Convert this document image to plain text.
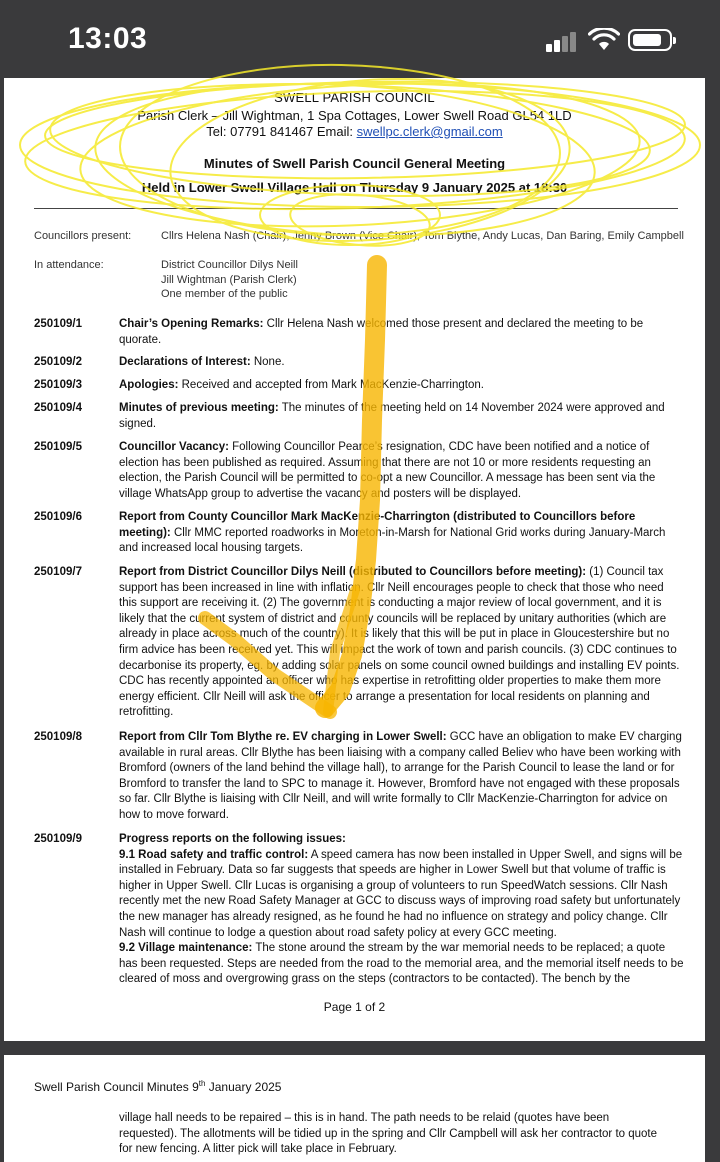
13:03
SWELL PARISH COUNCIL
Parish Clerk – Jill Wightman, 1 Spa Cottages, Lower Swell Road GL54 1LD
Tel: 07791 841467 Email: swellpc.clerk@gmail.com
Minutes of Swell Parish Council General Meeting
Held in Lower Swell Village Hall on Thursday 9 January 2025 at 18:30
Councillors present:	Cllrs Helena Nash (Chair), Jenny Brown (Vice Chair), Tom Blythe, Andy Lucas, Dan Baring, Emily Campbell
In attendance:	District Councillor Dilys Neill
Jill Wightman (Parish Clerk)
One member of the public
250109/1	Chair’s Opening Remarks: Cllr Helena Nash welcomed those present and declared the meeting to be quorate.
250109/2	Declarations of Interest: None.
250109/3	Apologies: Received and accepted from Mark MacKenzie-Charrington.
250109/4	Minutes of previous meeting: The minutes of the meeting held on 14 November 2024 were approved and signed.
250109/5	Councillor Vacancy: Following Councillor Pearce’s resignation, CDC have been notified and a notice of election has been published as required. Assuming that there are not 10 or more residents requesting an election, the Parish Council will be permitted to co-opt a new Councillor. A message has been sent via the village WhatsApp group to advertise the vacancy and posters will be displayed.
250109/6	Report from County Councillor Mark MacKenzie-Charrington (distributed to Councillors before meeting): Cllr MMC reported roadworks in Moreton-in-Marsh for National Grid works during January-March and increased local housing targets.
250109/7	Report from District Councillor Dilys Neill (distributed to Councillors before meeting): (1) Council tax support has been increased in line with inflation. Cllr Neill encourages people to check that those who need this support are receiving it. (2) The government is conducting a major review of local government, and it is likely that the current system of district and county councils will be replaced by unitary authorities (which are already in place across much of the country). It is likely that this will be put in place in Gloucestershire but no firm advice has been received yet. This will impact the work of town and parish councils. (3) CDC continues to decarbonise its property, eg. by adding solar panels on some council owned buildings and installing EV points. CDC has recently appointed an officer who has expertise in retrofitting older properties to make them more energy efficient. Cllr Neill will ask the officer to arrange a presentation for local residents on planning and retrofitting.
250109/8	Report from Cllr Tom Blythe re. EV charging in Lower Swell: GCC have an obligation to make EV charging available in rural areas. Cllr Blythe has been liaising with a company called Believ who have been working with Bromford (owners of the land behind the village hall), to arrange for the Parish Council to lease the land or for Bromford to transfer the land to SPC to manage it. However, Bromford have not engaged with these proposals so far. Cllr Blythe is liaising with Cllr Neill, and will write formally to Cllr MacKenzie-Charrington for advice on how to move forward.
250109/9	Progress reports on the following issues:
9.1 Road safety and traffic control: A speed camera has now been installed in Upper Swell, and signs will be installed in February. Data so far suggests that speeds are higher in Lower Swell but that volume of traffic is higher in Upper Swell. Cllr Lucas is organising a group of volunteers to run SpeedWatch sessions. Cllr Nash recently met the new Road Safety Manager at GCC to discuss ways of improving road safety but unfortunately the new manager has already resigned, as he found he had no influence on strategy and policy change. Cllr Nash will continue to lodge a question about road safety policy at every GCC meeting.
9.2 Village maintenance: The stone around the stream by the war memorial needs to be replaced; a quote has been requested. Steps are needed from the road to the memorial area, and the memorial itself needs to be cleared of moss and overgrowing grass on the steps (contractors to be contacted). The bench by the
Page 1 of 2
Swell Parish Council Minutes 9th January 2025
village hall needs to be repaired – this is in hand. The path needs to be relaid (quotes have been requested). The allotments will be tidied up in the spring and Cllr Campbell will ask her contractor to quote for new fencing. A litter pick will take place in February.
